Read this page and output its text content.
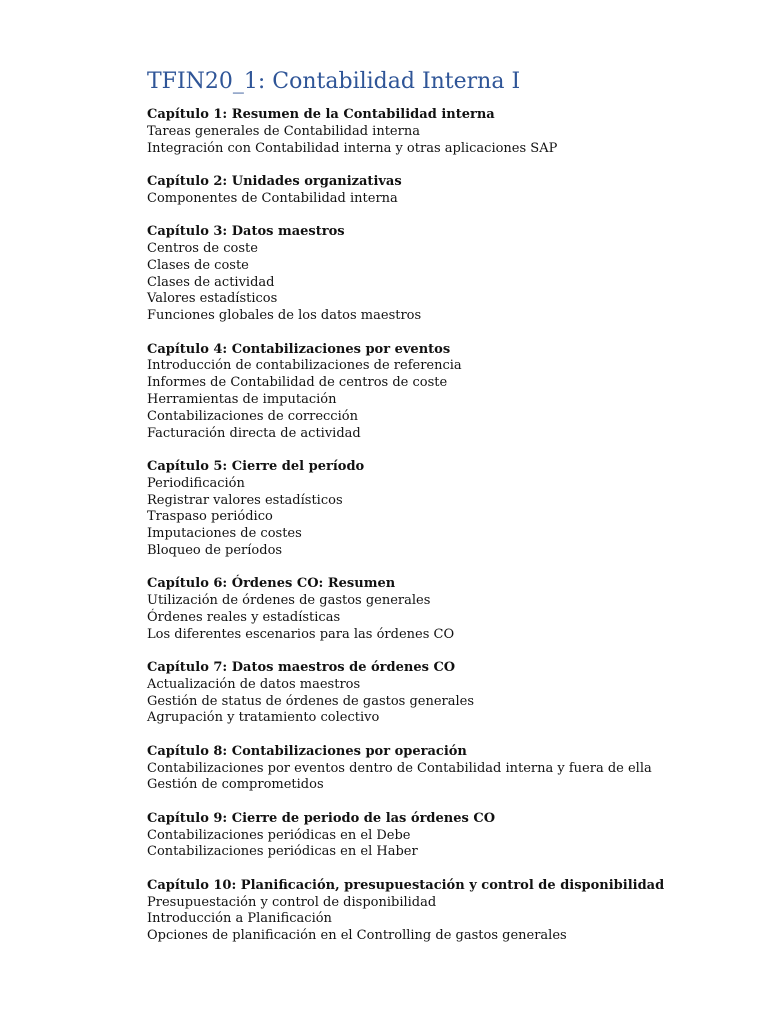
TFIN20_1: Contabilidad Interna I
Capítulo 1: Resumen de la Contabilidad interna
Tareas generales de Contabilidad interna
Integración con Contabilidad interna y otras aplicaciones SAP
Capítulo 2: Unidades organizativas
Componentes de Contabilidad interna
Capítulo 3: Datos maestros
Centros de coste
Clases de coste
Clases de actividad
Valores estadísticos
Funciones globales de los datos maestros
Capítulo 4: Contabilizaciones por eventos
Introducción de contabilizaciones de referencia
Informes de Contabilidad de centros de coste
Herramientas de imputación
Contabilizaciones de corrección
Facturación directa de actividad
Capítulo 5: Cierre del período
Periodificación
Registrar valores estadísticos
Traspaso periódico
Imputaciones de costes
Bloqueo de períodos
Capítulo 6: Órdenes CO: Resumen
Utilización de órdenes de gastos generales
Órdenes reales y estadísticas
Los diferentes escenarios para las órdenes CO
Capítulo 7: Datos maestros de órdenes CO
Actualización de datos maestros
Gestión de status de órdenes de gastos generales
Agrupación y tratamiento colectivo
Capítulo 8: Contabilizaciones por operación
Contabilizaciones por eventos dentro de Contabilidad interna y fuera de ella
Gestión de comprometidos
Capítulo 9: Cierre de periodo de las órdenes CO
Contabilizaciones periódicas en el Debe
Contabilizaciones periódicas en el Haber
Capítulo 10: Planificación, presupuestación y control de disponibilidad
Presupuestación y control de disponibilidad
Introducción a Planificación
Opciones de planificación en el Controlling de gastos generales
